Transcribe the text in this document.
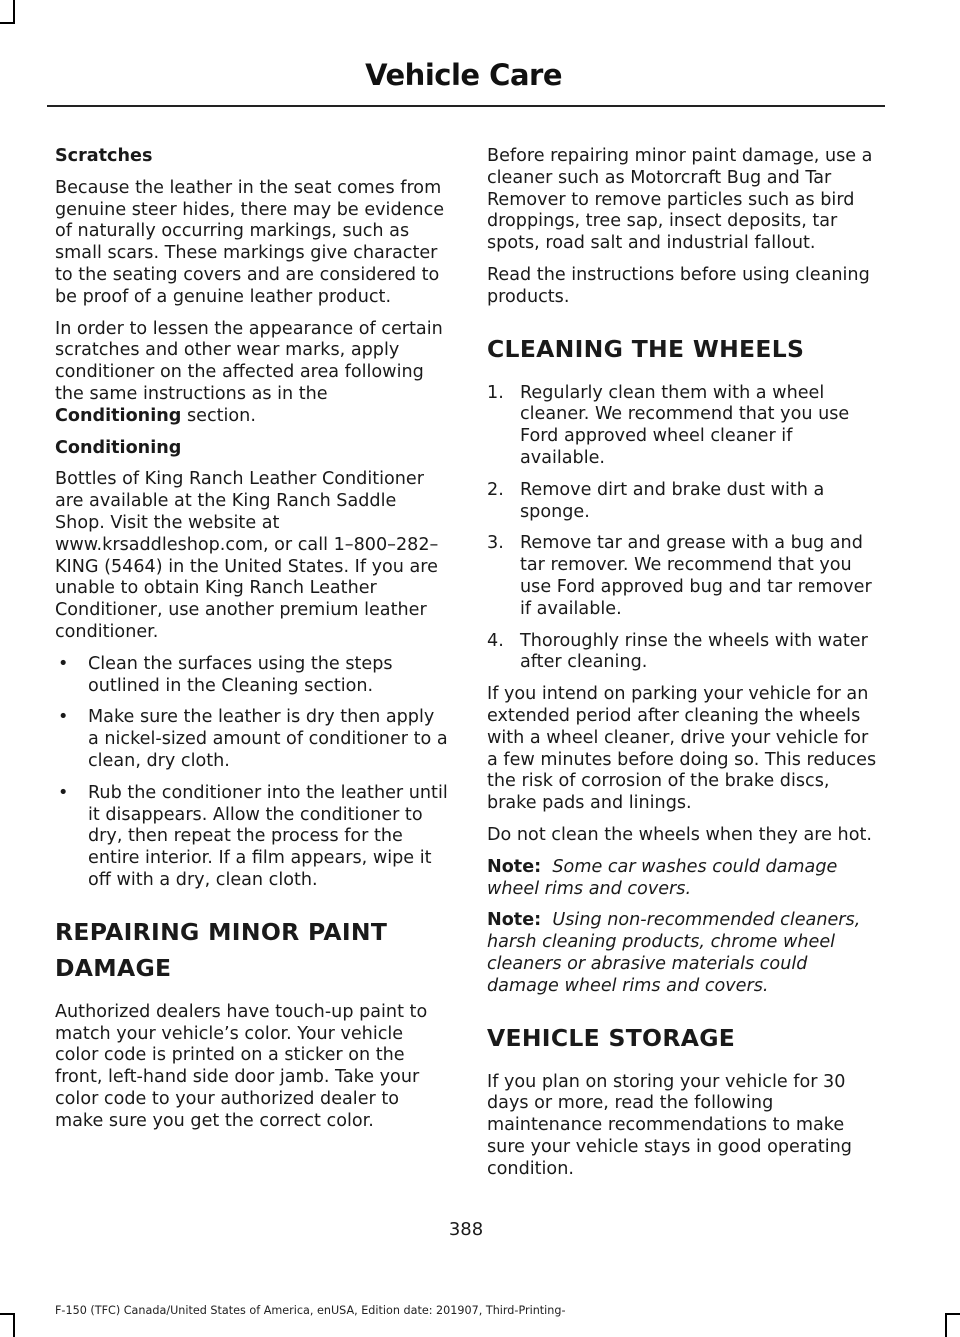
Vehicle Care
Scratches

Because the leather in the seat comes from genuine steer hides, there may be evidence of naturally occurring markings, such as small scars. These markings give character to the seating covers and are considered to be proof of a genuine leather product.

In order to lessen the appearance of certain scratches and other wear marks, apply conditioner on the affected area following the same instructions as in the Conditioning section.

Conditioning

Bottles of King Ranch Leather Conditioner are available at the King Ranch Saddle Shop. Visit the website at www.krsaddleshop.com, or call 1–800–282–KING (5464) in the United States. If you are unable to obtain King Ranch Leather Conditioner, use another premium leather conditioner.

• Clean the surfaces using the steps outlined in the Cleaning section.
• Make sure the leather is dry then apply a nickel-sized amount of conditioner to a clean, dry cloth.
• Rub the conditioner into the leather until it disappears. Allow the conditioner to dry, then repeat the process for the entire interior. If a film appears, wipe it off with a dry, clean cloth.
REPAIRING MINOR PAINT
DAMAGE

Authorized dealers have touch-up paint to match your vehicle’s color. Your vehicle color code is printed on a sticker on the front, left-hand side door jamb. Take your color code to your authorized dealer to make sure you get the correct color.

Before repairing minor paint damage, use a cleaner such as Motorcraft Bug and Tar Remover to remove particles such as bird droppings, tree sap, insect deposits, tar spots, road salt and industrial fallout.

Read the instructions before using cleaning products.

CLEANING THE WHEELS
1. Regularly clean them with a wheel cleaner. We recommend that you use Ford approved wheel cleaner if available.
2. Remove dirt and brake dust with a sponge.
3. Remove tar and grease with a bug and tar remover. We recommend that you use Ford approved bug and tar remover if available.
4. Thoroughly rinse the wheels with water after cleaning.

If you intend on parking your vehicle for an extended period after cleaning the wheels with a wheel cleaner, drive your vehicle for a few minutes before doing so. This reduces the risk of corrosion of the brake discs, brake pads and linings.

Do not clean the wheels when they are hot.

Note: Some car washes could damage wheel rims and covers.

Note: Using non-recommended cleaners, harsh cleaning products, chrome wheel cleaners or abrasive materials could damage wheel rims and covers.

VEHICLE STORAGE

If you plan on storing your vehicle for 30 days or more, read the following maintenance recommendations to make sure your vehicle stays in good operating condition.

388
F-150 (TFC) Canada/United States of America, enUSA, Edition date: 201907, Third-Printing-
